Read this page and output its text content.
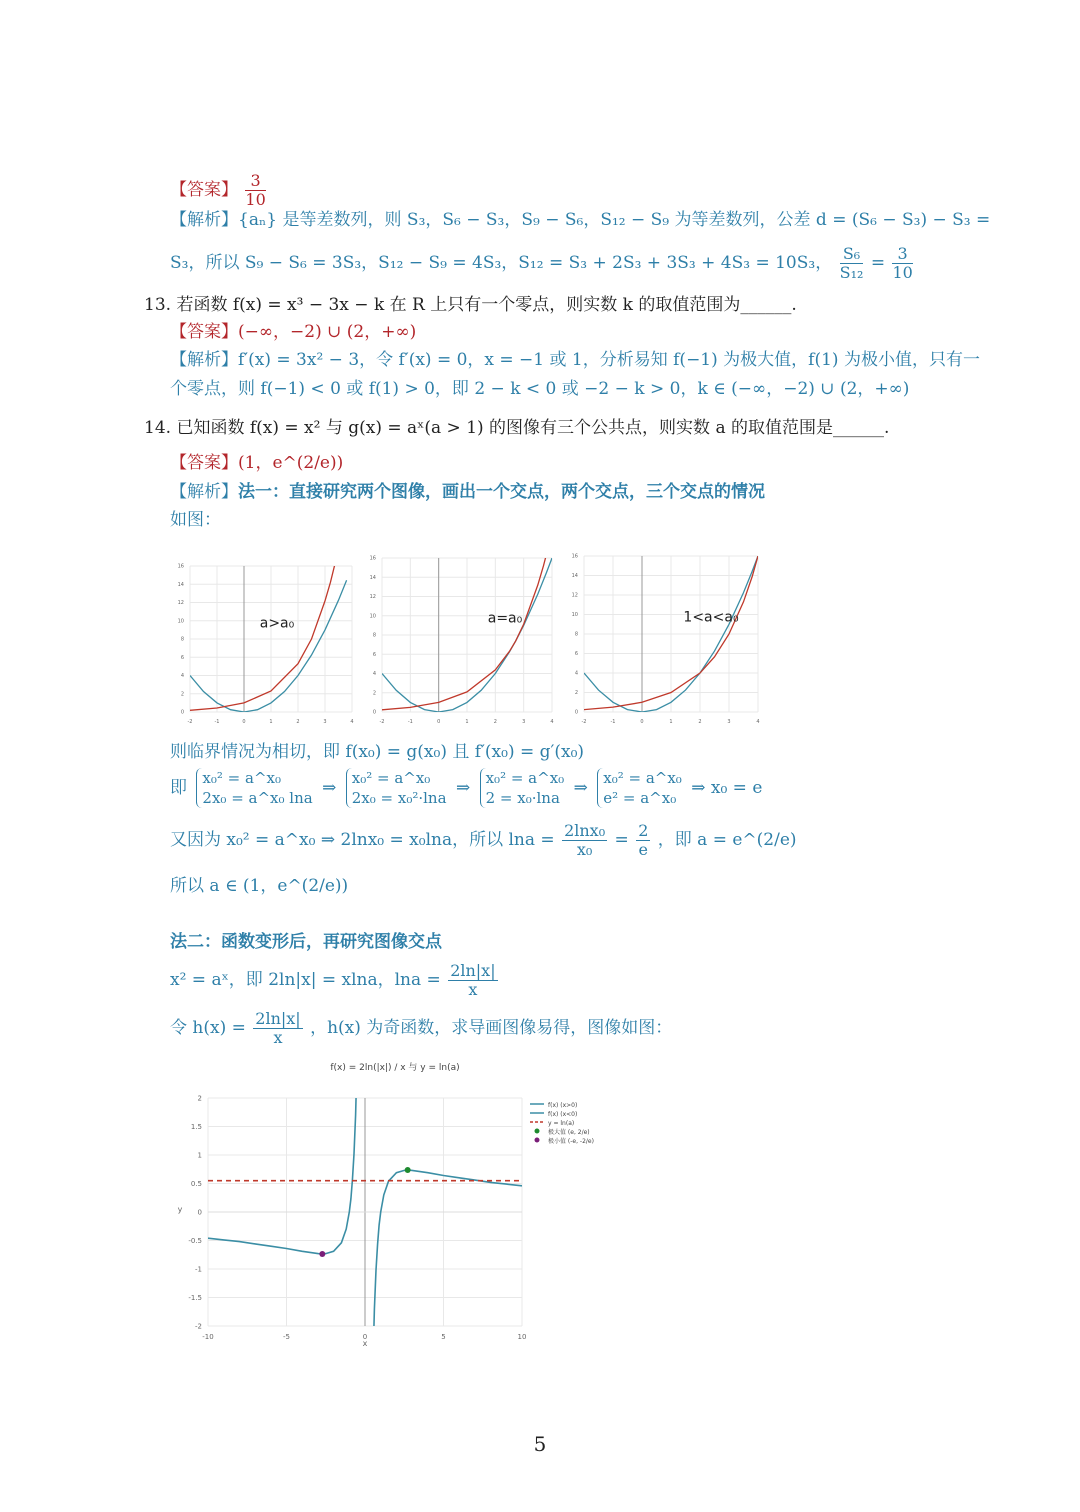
【答案】 $\frac{3}{10}$
【解析】{aₙ} 是等差数列，则 S₃，S₆ − S₃，S₉ − S₆，S₁₂ − S₉ 为等差数列，公差 d = (S₆ − S₃) − S₃ =
S₃，所以 S₉ − S₆ = 3S₃，S₁₂ − S₉ = 4S₃，S₁₂ = S₃ + 2S₃ + 3S₃ + 4S₃ = 10S₃， $\frac{\text{S₆}}{\text{S₁₂}} = \frac{3}{10}$
13. 若函数 f(x) = x³ − 3x − k 在 R 上只有一个零点，则实数 k 的取值范围为______.
【答案】(−∞，−2) ∪ (2，+∞)
【解析】f′(x) = 3x² − 3，令 f′(x) = 0，x = −1 或 1，分析易知 f(−1) 为极大值，f(1) 为极小值，只有一
个零点，则 f(−1) < 0 或 f(1) > 0，即 2 − k < 0 或 −2 − k > 0，k ∈ (−∞，−2) ∪ (2，+∞)
14. 已知函数 f(x) = x² 与 g(x) = aˣ(a > 1) 的图像有三个公共点，则实数 a 的取值范围是______.
【答案】(1，e^(2/e))
【解析】法一：直接研究两个图像，画出一个交点，两个交点，三个交点的情况
如图：
-2	-1	0	1	2	3	4
0
2
4
6
8
10
12
14
16
a>a₀
-2	-1	0	1	2	3	4
0
2
4
6
8
10
12
14
16
a=a₀
-2	-1	0	1	2	3	4
0
2
4
6
8
10
12
14
16
1<a<a₀
则临界情况为相切，即 f(x₀) = g(x₀) 且 f′(x₀) = g′(x₀)
即 x₀² = a^x₀
2x₀ = a^x₀ lna ⇒ x₀² = a^x₀
2x₀ = x₀²·lna ⇒ x₀² = a^x₀
2 = x₀·lna ⇒ x₀² = a^x₀
e² = a^x₀ ⇒ x₀ = e
又因为 x₀² = a^x₀ ⇒ 2lnx₀ = x₀lna，所以 $\ln a = \frac{\text{2lnx₀}}{\text{x₀}} = \frac{2}{e}$ ，即 a = e^(2/e)
所以 a ∈ (1，e^(2/e))
法二：函数变形后，再研究图像交点
x² = aˣ，即 2ln|x| = xlna，$\ln a = \frac{2\ln|x|}{x}$
令 $h(x) = \frac{2\ln|x|}{x}$ ，h(x) 为奇函数，求导画图像易得，图像如图：
-10	-5	0	5	10
-2
-1.5
-1
-0.5
0
0.5
1
1.5
2
x
y
f(x) = 2ln(|x|) / x 与 y = ln(a)
f(x) (x>0)
f(x) (x<0)
y = ln(a)
极大值 (e, 2/e)
极小值 (-e, -2/e)
5
